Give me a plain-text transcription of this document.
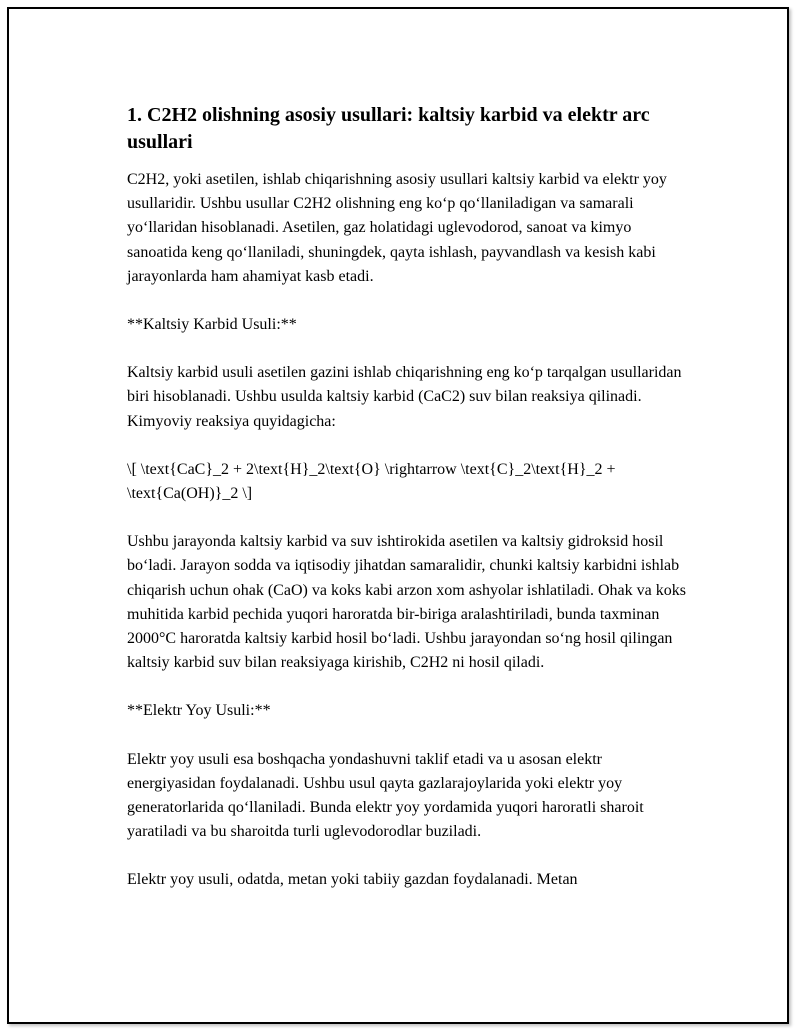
1. C2H2 olishning asosiy usullari: kaltsiy karbid va elektr arc usullari

C2H2, yoki asetilen, ishlab chiqarishning asosiy usullari kaltsiy karbid va elektr yoy usullaridir. Ushbu usullar C2H2 olishning eng koʻp qoʻllaniladigan va samarali yoʻllaridan hisoblanadi. Asetilen, gaz holatidagi uglevodorod, sanoat va kimyo sanoatida keng qoʻllaniladi, shuningdek, qayta ishlash, payvandlash va kesish kabi jarayonlarda ham ahamiyat kasb etadi.

**Kaltsiy Karbid Usuli:**

Kaltsiy karbid usuli asetilen gazini ishlab chiqarishning eng koʻp tarqalgan usullaridan biri hisoblanadi. Ushbu usulda kaltsiy karbid (CaC2) suv bilan reaksiya qilinadi. Kimyoviy reaksiya quyidagicha:

\[ \text{CaC}_2 + 2\text{H}_2\text{O} \rightarrow \text{C}_2\text{H}_2 + \text{Ca(OH)}_2 \]

Ushbu jarayonda kaltsiy karbid va suv ishtirokida asetilen va kaltsiy gidroksid hosil boʻladi. Jarayon sodda va iqtisodiy jihatdan samaralidir, chunki kaltsiy karbidni ishlab chiqarish uchun ohak (CaO) va koks kabi arzon xom ashyolar ishlatiladi. Ohak va koks muhitida karbid pechida yuqori haroratda bir-biriga aralashtiriladi, bunda taxminan 2000°C haroratda kaltsiy karbid hosil boʻladi. Ushbu jarayondan soʻng hosil qilingan kaltsiy karbid suv bilan reaksiyaga kirishib, C2H2 ni hosil qiladi.

**Elektr Yoy Usuli:**

Elektr yoy usuli esa boshqacha yondashuvni taklif etadi va u asosan elektr energiyasidan foydalanadi. Ushbu usul qayta gazlarajoylarida yoki elektr yoy generatorlarida qoʻllaniladi. Bunda elektr yoy yordamida yuqori haroratli sharoit yaratiladi va bu sharoitda turli uglevodorodlar buziladi.

Elektr yoy usuli, odatda, metan yoki tabiiy gazdan foydalanadi. Metan
